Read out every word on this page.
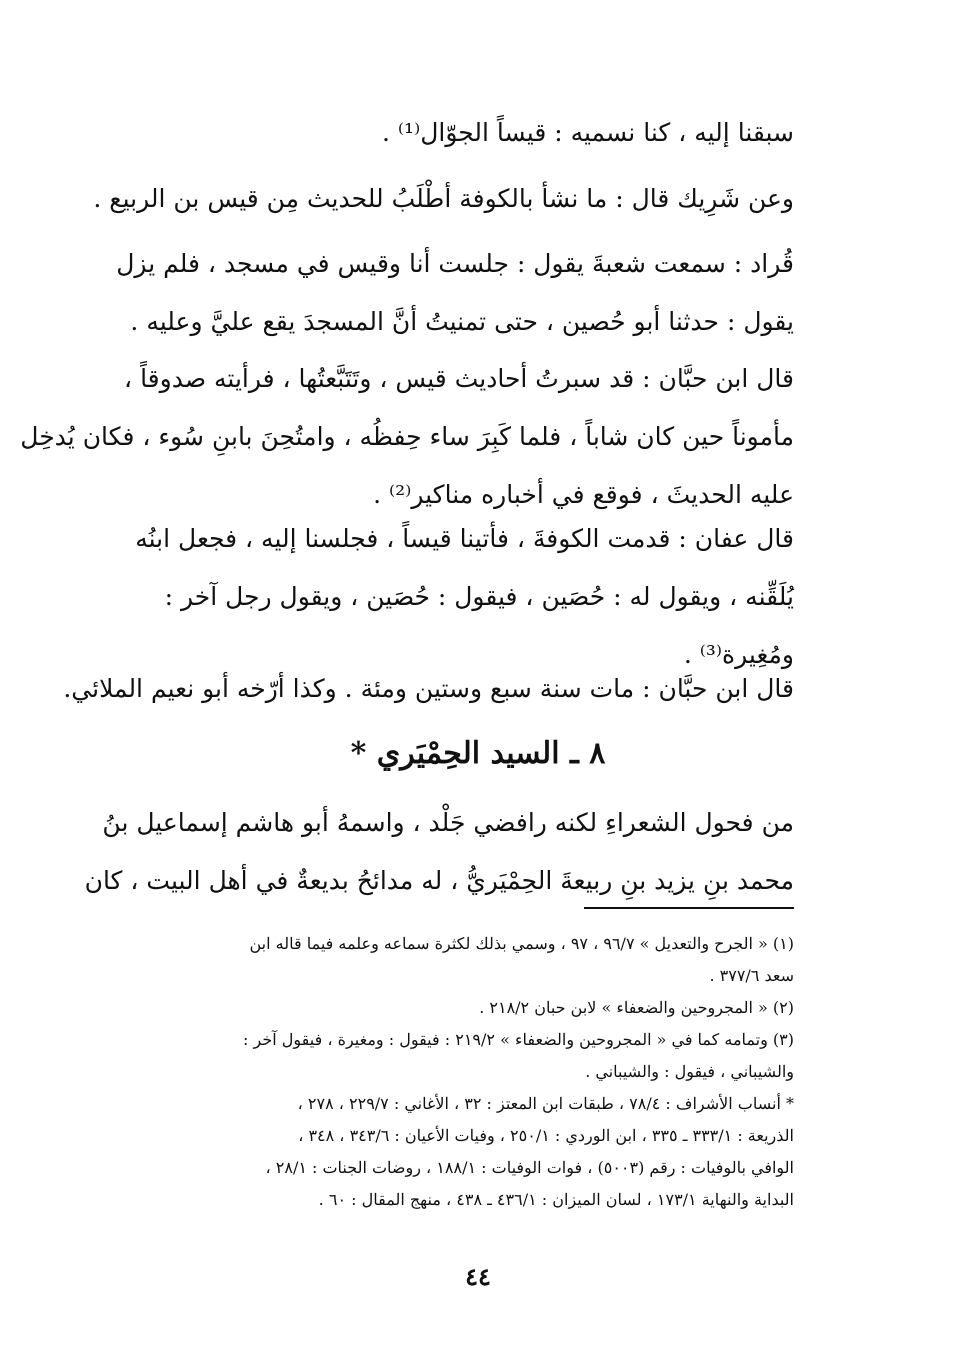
سبقنا إليه ، كنا نسميه : قيساً الجوّال⁽¹⁾ .
وعن شَرِيك قال : ما نشأ بالكوفة أطْلَبُ للحديث مِن قيس بن الربيع .
قُراد : سمعت شعبةَ يقول : جلست أنا وقيس في مسجد ، فلم يزل
يقول : حدثنا أبو حُصين ، حتى تمنيتُ أنَّ المسجدَ يقع عليَّ وعليه .
قال ابن حبَّان : قد سبرتُ أحاديث قيس ، وتَتَبَّعتُها ، فرأيته صدوقاً ،
مأموناً حين كان شاباً ، فلما كَبِرَ ساء حِفظُه ، وامتُحِنَ بابنِ سُوء ، فكان يُدخِل
عليه الحديثَ ، فوقع في أخباره مناكير⁽²⁾ .
قال عفان : قدمت الكوفةَ ، فأتينا قيساً ، فجلسنا إليه ، فجعل ابنُه
يُلَقِّنه ، ويقول له : حُصَين ، فيقول : حُصَين ، ويقول رجل آخر :
ومُغِيرة⁽³⁾ .
قال ابن حبَّان : مات سنة سبع وستين ومئة . وكذا أرّخه أبو نعيم الملائي.
٨ ـ السيد الحِمْيَري *
من فحول الشعراءِ لكنه رافضي جَلْد ، واسمهُ أبو هاشم إسماعيل بنُ
محمد بنِ يزيد بنِ ربيعةَ الحِمْيَريُّ ، له مدائحُ بديعةٌ في أهل البيت ، كان
(١) « الجرح والتعديل » ٩٦/٧ ، ٩٧ ، وسمي بذلك لكثرة سماعه وعلمه فيما قاله ابن
سعد ٣٧٧/٦ .
(٢) « المجروحين والضعفاء » لابن حبان ٢١٨/٢ .
(٣) وتمامه كما في « المجروحين والضعفاء » ٢١٩/٢ : فيقول : ومغيرة ، فيقول آخر :
والشيباني ، فيقول : والشيباني .
* أنساب الأشراف : ٧٨/٤ ، طبقات ابن المعتز : ٣٢ ، الأغاني : ٢٢٩/٧ ، ٢٧٨ ،
الذريعة : ٣٣٣/١ ـ ٣٣٥ ، ابن الوردي : ٢٥٠/١ ، وفيات الأعيان : ٣٤٣/٦ ، ٣٤٨ ،
الوافي بالوفيات : رقم (٥٠٠٣) ، فوات الوفيات : ١٨٨/١ ، روضات الجنات : ٢٨/١ ،
البداية والنهاية ١٧٣/١ ، لسان الميزان : ٤٣٦/١ ـ ٤٣٨ ، منهج المقال : ٦٠ .
٤٤
